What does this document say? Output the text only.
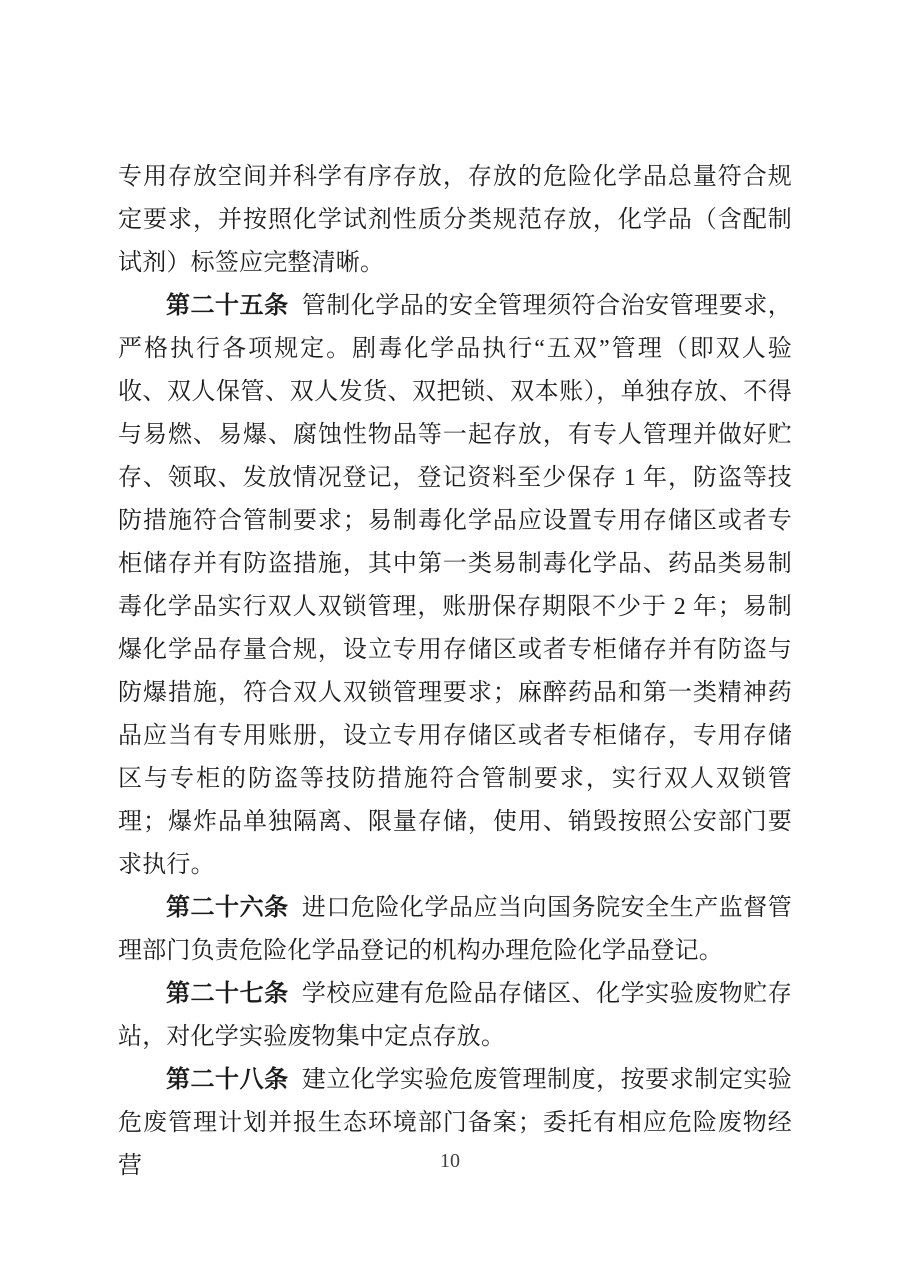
专用存放空间并科学有序存放，存放的危险化学品总量符合规定要求，并按照化学试剂性质分类规范存放，化学品（含配制试剂）标签应完整清晰。

第二十五条 管制化学品的安全管理须符合治安管理要求，严格执行各项规定。剧毒化学品执行“五双”管理（即双人验收、双人保管、双人发货、双把锁、双本账），单独存放、不得与易燃、易爆、腐蚀性物品等一起存放，有专人管理并做好贮存、领取、发放情况登记，登记资料至少保存 1 年，防盗等技防措施符合管制要求；易制毒化学品应设置专用存储区或者专柜储存并有防盗措施，其中第一类易制毒化学品、药品类易制毒化学品实行双人双锁管理，账册保存期限不少于 2 年；易制爆化学品存量合规，设立专用存储区或者专柜储存并有防盗与防爆措施，符合双人双锁管理要求；麻醉药品和第一类精神药品应当有专用账册，设立专用存储区或者专柜储存，专用存储区与专柜的防盗等技防措施符合管制要求，实行双人双锁管理；爆炸品单独隔离、限量存储，使用、销毁按照公安部门要求执行。

第二十六条 进口危险化学品应当向国务院安全生产监督管理部门负责危险化学品登记的机构办理危险化学品登记。

第二十七条 学校应建有危险品存储区、化学实验废物贮存站，对化学实验废物集中定点存放。

第二十八条 建立化学实验危废管理制度，按要求制定实验危废管理计划并报生态环境部门备案；委托有相应危险废物经营	10
